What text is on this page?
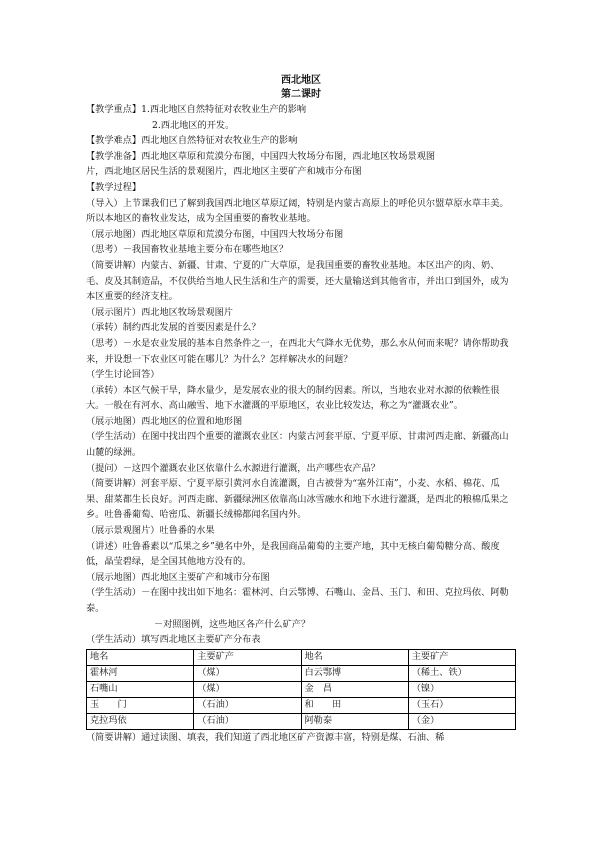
西北地区
第二课时
【教学重点】1.西北地区自然特征对农牧业生产的影响
2.西北地区的开发。
【教学难点】西北地区自然特征对农牧业生产的影响
【教学准备】西北地区草原和荒漠分布图，中国四大牧场分布图，西北地区牧场景观图
片，西北地区居民生活的景观图片，西北地区主要矿产和城市分布图
【教学过程】
（导入）上节课我们已了解到我国西北地区草原辽阔，特别是内蒙古高原上的呼伦贝尔盟草原水草丰美。所以本地区的畜牧业发达，成为全国重要的畜牧业基地。
（展示地图）西北地区草原和荒漠分布图，中国四大牧场分布图
（思考）－我国畜牧业基地主要分布在哪些地区？
（简要讲解）内蒙古、新疆、甘肃、宁夏的广大草原，是我国重要的畜牧业基地。本区出产的肉、奶、毛、皮及其制造品，不仅供给当地人民生活和生产的需要，还大量输送到其他省市，并出口到国外，成为本区重要的经济支柱。
（展示图片）西北地区牧场景观图片
（承转）制约西北发展的首要因素是什么？
（思考）－水是农业发展的基本自然条件之一，在西北大气降水无优势，那么水从何而来呢？请你帮助我来，并设想一下农业区可能在哪儿？为什么？怎样解决水的问题？
（学生讨论回答）
（承转）本区气候干旱，降水量少，是发展农业的很大的制约因素。所以，当地农业对水源的依赖性很大。一般在有河水、高山融雪、地下水灌溉的平原地区，农业比较发达，称之为“灌溉农业”。
（展示地图）西北地区的位置和地形图
（学生活动）在图中找出四个重要的灌溉农业区：内蒙古河套平原、宁夏平原、甘肃河西走廊、新疆高山山麓的绿洲。
（提问）－这四个灌溉农业区依靠什么水源进行灌溉，出产哪些农产品？
（简要讲解）河套平原、宁夏平原引黄河水自流灌溉，自古被誉为“塞外江南”，小麦、水稻、棉花、瓜果、甜菜都生长良好。河西走廊、新疆绿洲区依靠高山冰雪融水和地下水进行灌溉，是西北的粮棉瓜果之乡。吐鲁番葡萄、哈密瓜、新疆长绒棉都闻名国内外。
（展示景观图片）吐鲁番的水果
（讲述）吐鲁番素以“瓜果之乡”驰名中外，是我国商品葡萄的主要产地，其中无核白葡萄糖分高、酸度低，晶莹碧绿，是全国其他地方没有的。
（展示地图）西北地区主要矿产和城市分布图
（学生活动）－在图中找出如下地名：霍林河、白云鄂博、石嘴山、金昌、玉门、和田、克拉玛依、阿勒泰。
－对照图例，这些地区各产什么矿产？
（学生活动）填写西北地区主要矿产分布表
地名	主要矿产	地名	主要矿产
霍林河	（煤）	白云鄂博	（稀土、铁）
石嘴山	（煤）	金　昌	（镍）
玉　　门	（石油）	和　　田	（玉石）
克拉玛依	（石油）	阿勒泰	（金）
（简要讲解）通过读图、填表，我们知道了西北地区矿产资源丰富，特别是煤、石油、稀
